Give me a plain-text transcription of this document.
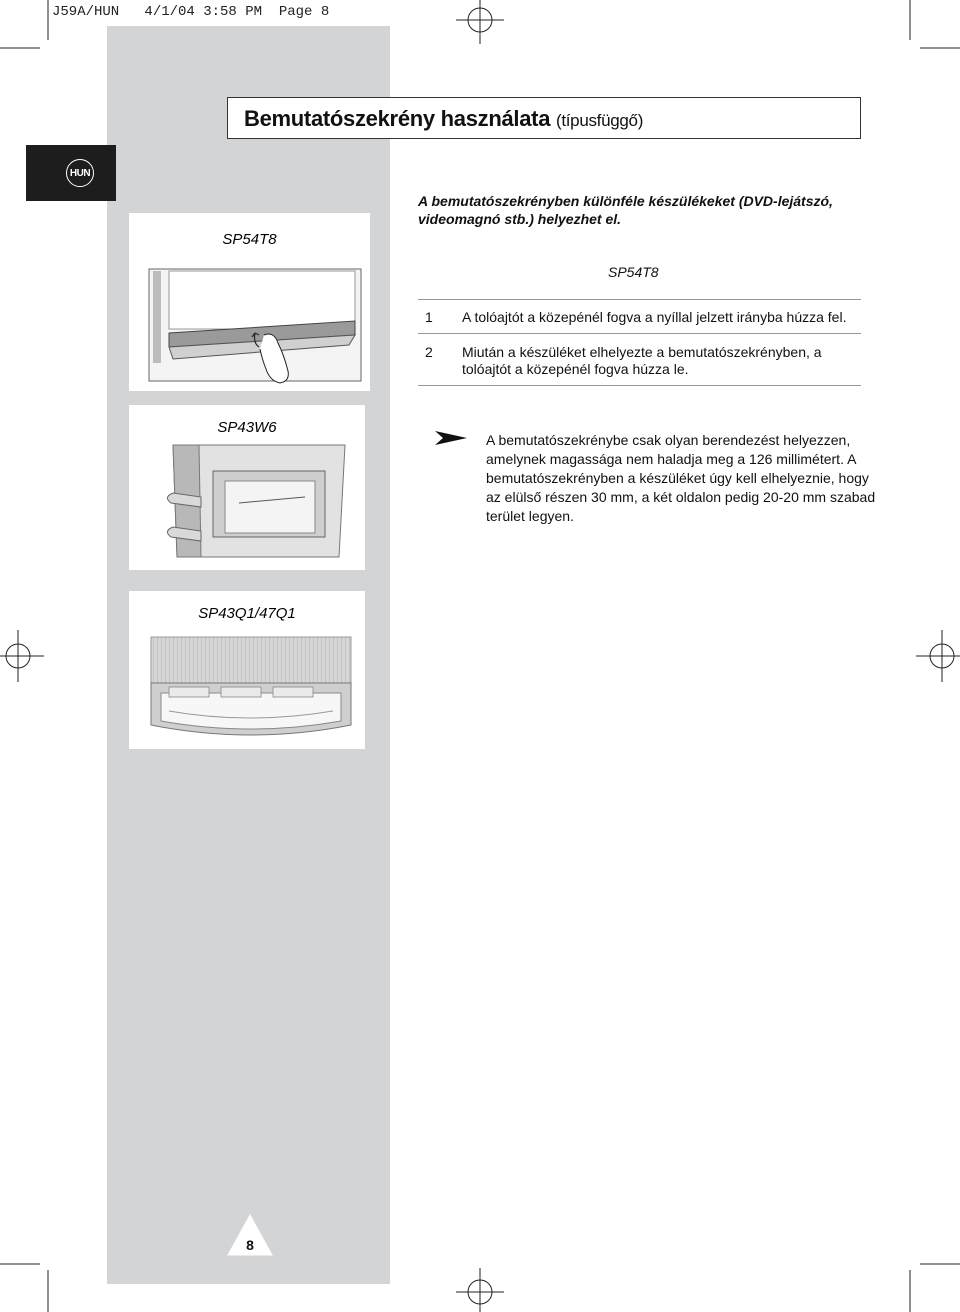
J59A/HUN   4/1/04 3:58 PM  Page 8
HUN
Bemutatószekrény használata (típusfüggő)
SP54T8
SP43W6
SP43Q1/47Q1
A bemutatószekrényben különféle készülékeket (DVD-lejátszó, videomagnó stb.) helyezhet el.
SP54T8
1 A tolóajtót a közepénél fogva a nyíllal jelzett irányba húzza fel.
2 Miután a készüléket elhelyezte a bemutatószekrényben, a tolóajtót a közepénél fogva húzza le.
A bemutatószekrénybe csak olyan berendezést helyezzen, amelynek magassága nem haladja meg a 126 millimétert. A bemutatószekrényben a készüléket úgy kell elhelyeznie, hogy az elülső részen 30 mm, a két oldalon pedig 20-20 mm szabad terület legyen.
8
